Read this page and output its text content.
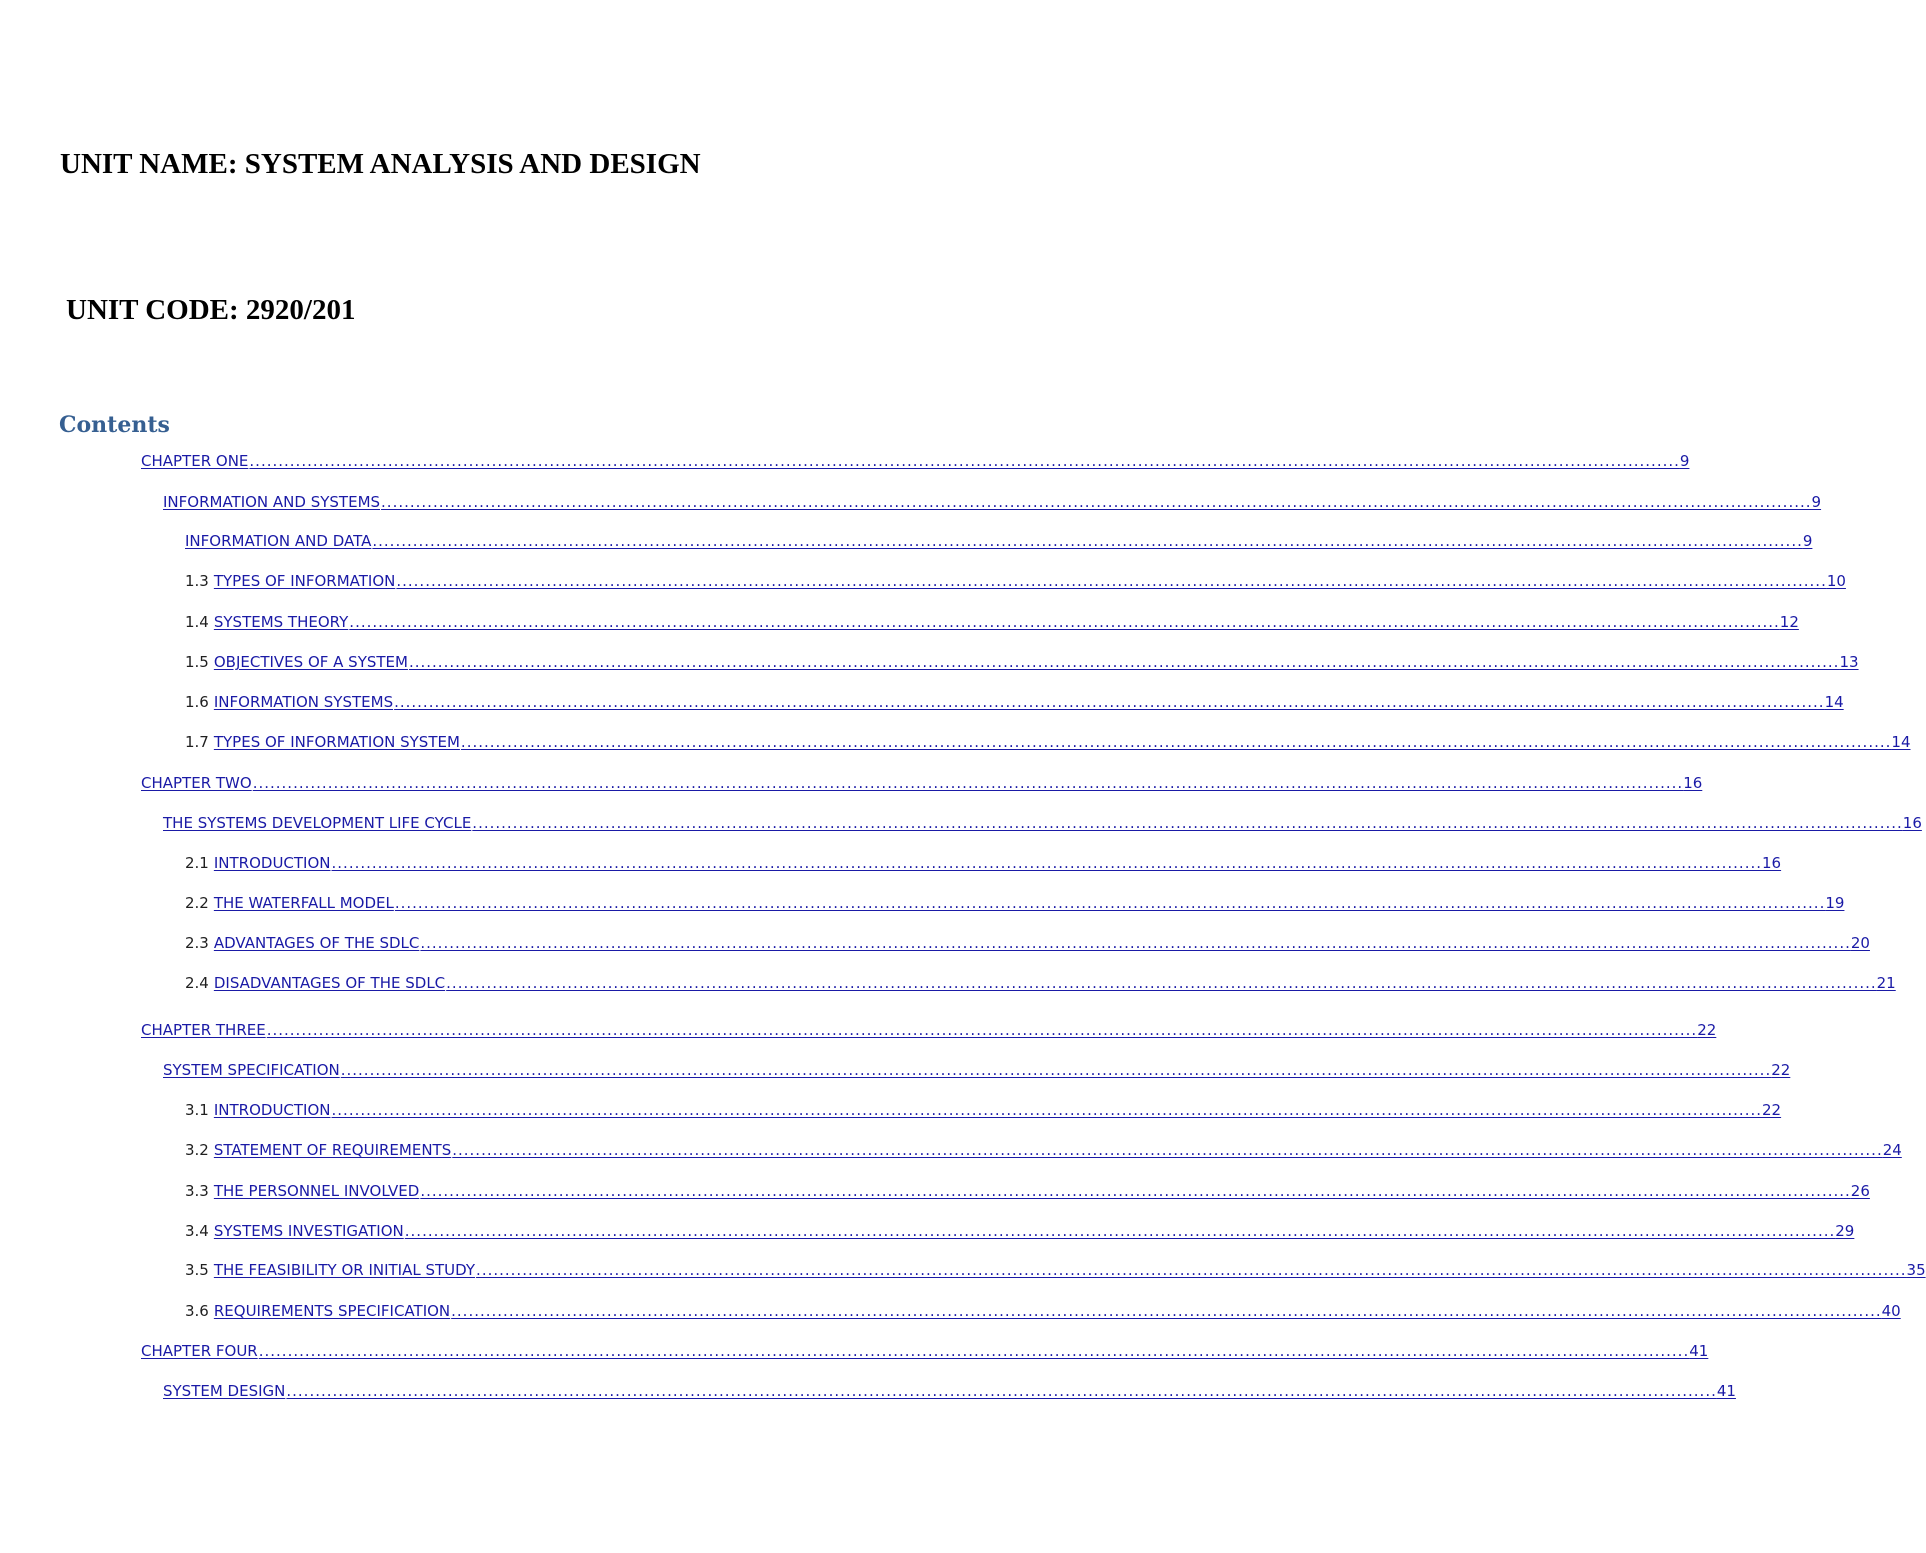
UNIT NAME: SYSTEM ANALYSIS AND DESIGN
UNIT CODE: 2920/201
Contents
CHAPTER ONE ........................................................................................................................................................................................................................................................ 9
INFORMATION AND SYSTEMS ........................................................................................................................................................................................................................................................ 9
INFORMATION AND DATA ........................................................................................................................................................................................................................................................ 9
1.3 TYPES OF INFORMATION ........................................................................................................................................................................................................................................................ 10
1.4 SYSTEMS THEORY ........................................................................................................................................................................................................................................................ 12
1.5 OBJECTIVES OF A SYSTEM ........................................................................................................................................................................................................................................................ 13
1.6 INFORMATION SYSTEMS ........................................................................................................................................................................................................................................................ 14
1.7 TYPES OF INFORMATION SYSTEM ........................................................................................................................................................................................................................................................ 14
CHAPTER TWO ........................................................................................................................................................................................................................................................ 16
THE SYSTEMS DEVELOPMENT LIFE CYCLE ........................................................................................................................................................................................................................................................ 16
2.1 INTRODUCTION ........................................................................................................................................................................................................................................................ 16
2.2 THE WATERFALL MODEL ........................................................................................................................................................................................................................................................ 19
2.3 ADVANTAGES OF THE SDLC ........................................................................................................................................................................................................................................................ 20
2.4 DISADVANTAGES OF THE SDLC ........................................................................................................................................................................................................................................................ 21
CHAPTER THREE ........................................................................................................................................................................................................................................................ 22
SYSTEM SPECIFICATION ........................................................................................................................................................................................................................................................ 22
3.1 INTRODUCTION ........................................................................................................................................................................................................................................................ 22
3.2 STATEMENT OF REQUIREMENTS ........................................................................................................................................................................................................................................................ 24
3.3 THE PERSONNEL INVOLVED ........................................................................................................................................................................................................................................................ 26
3.4 SYSTEMS INVESTIGATION ........................................................................................................................................................................................................................................................ 29
3.5 THE FEASIBILITY OR INITIAL STUDY ........................................................................................................................................................................................................................................................ 35
3.6 REQUIREMENTS SPECIFICATION ........................................................................................................................................................................................................................................................ 40
CHAPTER FOUR ........................................................................................................................................................................................................................................................ 41
SYSTEM DESIGN ........................................................................................................................................................................................................................................................ 41
